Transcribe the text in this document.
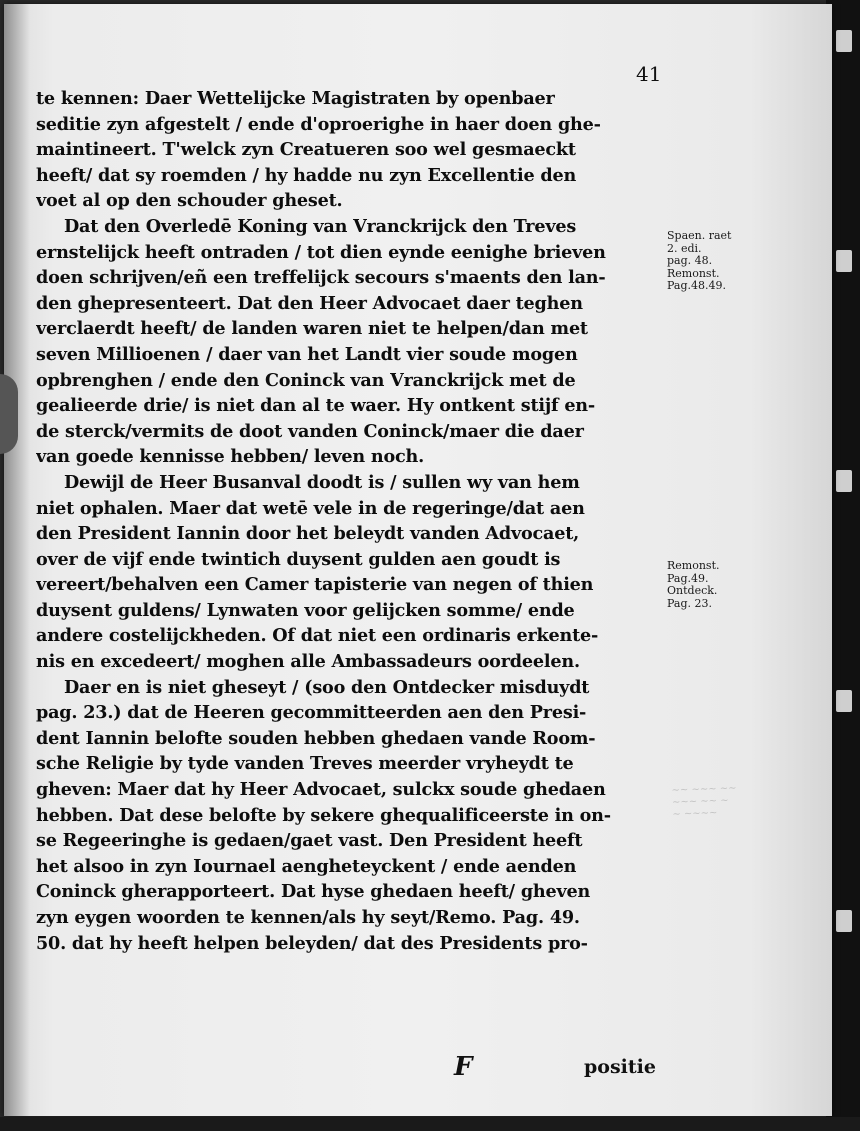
41
te kennen: Daer Wettelijcke Magistraten by openbaer
seditie zyn afgestelt / ende d'oproerighe in haer doen ghe-
maintineert. T'welck zyn Creatueren soo wel gesmaeckt
heeft/ dat sy roemden / hy hadde nu zyn Excellentie den
voet al op den schouder gheset.
Dat den Overledē Koning van Vranckrijck den Treves
ernstelijck heeft ontraden / tot dien eynde eenighe brieven
doen schrijven/eñ een treffelijck secours s'maents den lan-
den ghepresenteert. Dat den Heer Advocaet daer teghen
verclaerdt heeft/ de landen waren niet te helpen/dan met
seven Millioenen / daer van het Landt vier soude mogen
opbrenghen / ende den Coninck van Vranckrijck met de
gealieerde drie/ is niet dan al te waer. Hy ontkent stijf en-
de sterck/vermits de doot vanden Coninck/maer die daer
van goede kennisse hebben/ leven noch.
Dewijl de Heer Busanval doodt is / sullen wy van hem
niet ophalen. Maer dat wetē vele in de regeringe/dat aen
den President Iannin door het beleydt vanden Advocaet,
over de vijf ende twintich duysent gulden aen goudt is
vereert/behalven een Camer tapisterie van negen of thien
duysent guldens/ Lynwaten voor gelijcken somme/ ende
andere costelijckheden. Of dat niet een ordinaris erkente-
nis en excedeert/ moghen alle Ambassadeurs oordeelen.
Daer en is niet gheseyt / (soo den Ontdecker misduydt
pag. 23.) dat de Heeren gecommitteerden aen den Presi-
dent Iannin belofte souden hebben ghedaen vande Room-
sche Religie by tyde vanden Treves meerder vryheydt te
gheven: Maer dat hy Heer Advocaet, sulckx soude ghedaen
hebben. Dat dese belofte by sekere ghequalificeerste in on-
se Regeeringhe is gedaen/gaet vast. Den President heeft
het alsoo in zyn Iournael aengheteyckent / ende aenden
Coninck gherapporteert. Dat hyse ghedaen heeft/ gheven
zyn eygen woorden te kennen/als hy seyt/Remo. Pag. 49.
50. dat hy heeft helpen beleyden/ dat des Presidents pro-
Spaen. raet
2. edi.
pag. 48.
Remonst.
Pag.48.49.
Remonst.
Pag.49.
Ontdeck.
Pag. 23.
~~ ~~~ ~~
~~~ ~~ ~
~ ~~~~
F	positie
